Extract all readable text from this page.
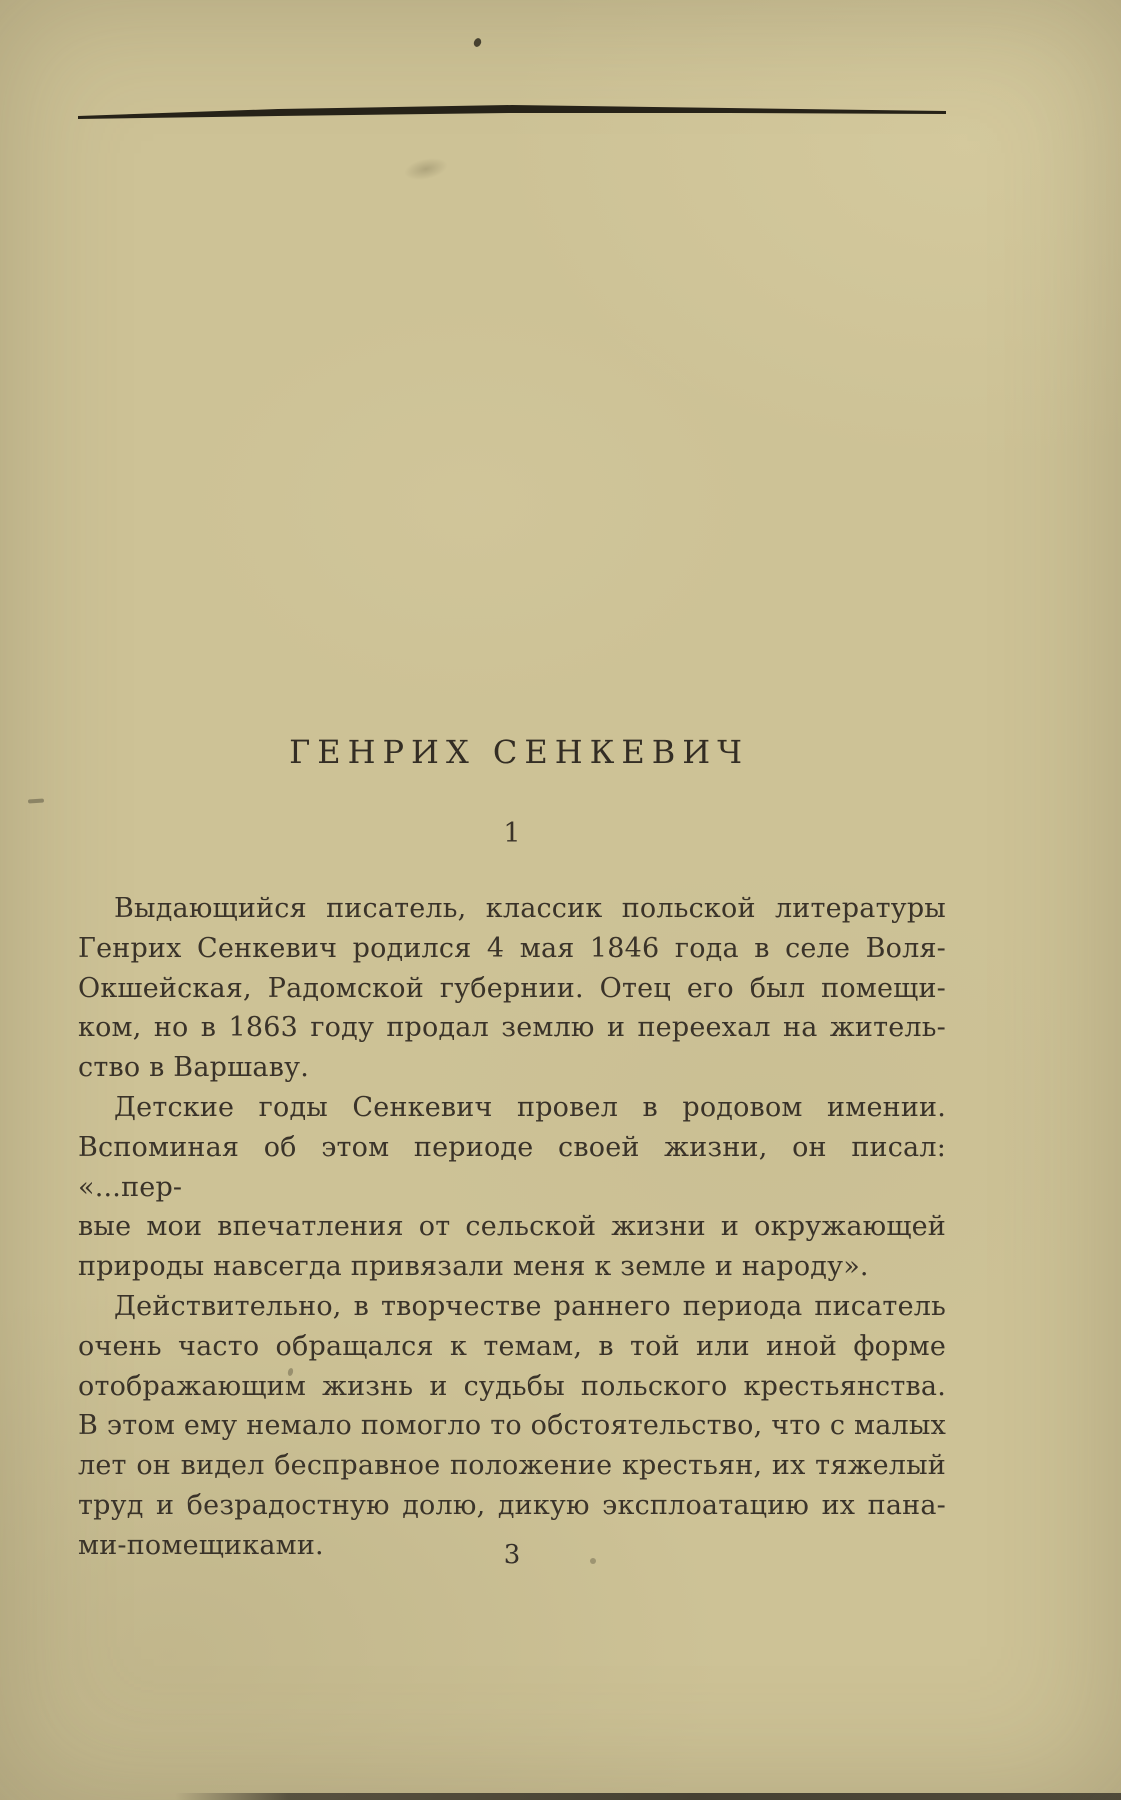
ГЕНРИХ СЕНКЕВИЧ
1
Выдающийся писатель, классик польской литературы
Генрих Сенкевич родился 4 мая 1846 года в селе Воля-
Окшейская, Радомской губернии. Отец его был помещи-
ком, но в 1863 году продал землю и переехал на житель-
ство в Варшаву.
Детские годы Сенкевич провел в родовом имении.
Вспоминая об этом периоде своей жизни, он писал: «...пер-
вые мои впечатления от сельской жизни и окружающей
природы навсегда привязали меня к земле и народу».
Действительно, в творчестве раннего периода писатель
очень часто обращался к темам, в той или иной форме
отображающим жизнь и судьбы польского крестьянства.
В этом ему немало помогло то обстоятельство, что с малых
лет он видел бесправное положение крестьян, их тяжелый
труд и безрадостную долю, дикую эксплоатацию их пана-
ми-помещиками.	3
